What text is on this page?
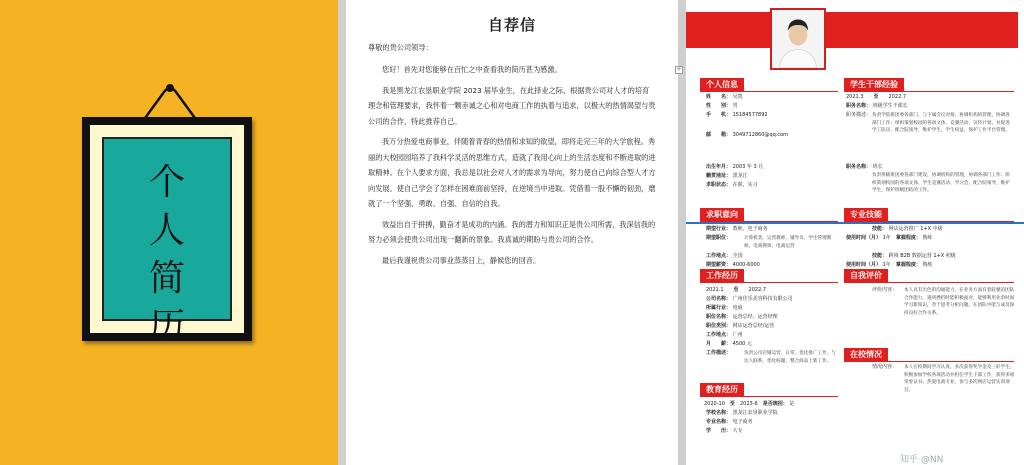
个
人
简
历
自荐信
尊敬的贵公司领导：

您好！首先对您能够在百忙之中查看我的简历甚为感激。

我是黑龙江农垦职业学院 2023 届毕业生，在此择业之际，根据贵公司对人才的培育理念和管理要求，我怀着一颗赤诚之心和对电商工作的执着与追求，以极大的热情渴望与贵公司的合作，特此推荐自己。

我万分热爱电商事业，伴随着青春的热情和求知的欲望，即将走完三年的大学旅程。秀丽的大校园园培养了我科学灵活的思维方式，造就了我用心向上的生活态度和不断进取的进取精神。在个人要求方面，我总是以社会对人才的需求为导向，努力使自己向综合型人才方向发展。使自己学会了怎样在困难面前坚持，在逆境当中进取。凭借着一股不懈的韧劲，磨就了一个坚强、勇敢、自强、自信的自我。

效益出自于拼搏，勤奋才是成功的内涵。我的潜力和知识正是贵公司所需，我深信我的努力必须会使贵公司出现一翻新的景象。我真诚的期盼与贵公司的合作。

最后我谨祝贵公司事业蒸蒸日上，静候您的回音。

+
个人信息
姓　　名： 吴凯
性　　别： 男
手　　机： 15184577892
邮　　箱： 3049712860@qq.com
出生年月： 2003 年 3 月
籍贯地址： 黑龙江
求职状态： 在职，实习
学生干部经验
2021.3　　 至　　 2022.7
职务名称： 班级学生干部长
职务描述： 负责学院班团委各部门，与下属会议对接，协调机构的管理，协调各部门工作；组织策划校园的各项文体、竞赛活动、宣传计划，并促进学工队伍，配合院领导，维护学生，学生权益，保护工作平台管理。
职务名称： 班长
负责班级班团委各部门建设，协调机构的管理，协调各部门工作；组织策划校园的各项文体、学生竞赛活动、学习会，配合院领导，维护学生，保护班级团结的工作。
求职意向
期望行业： 教师，电子商务
期望职位：	计算机类、运营教师、辅导员、学生管理教师、电商教师、电商运营
工作地点： 全国
期望薪资： 4000-6000
专业技能
技能： 网店运营推广 1+X 中级
使用时间（月） 1年　 掌握程度： 熟练
技能： 跨境 B2B 数据运营 1+X 初级
使用时间（月） 1年　 掌握程度： 熟练
工作经历
2021.1　　 至　　 2022.7
公司名称： 广州佳乐美容科技有限公司
所属行业： 电商
职位名称： 运营总经、运营经理
职位类别： 网店运营总经/运营
工作地点： 广州
月　　薪： 4500 元
工作描述：	负责公司店铺运营，日常，优化推广工作，与达人联系，优化标题，整合商品上新工作。
自我评价
评价内容： 本人具有出色的沟通能力，在业务方面有着较强的团队合作能力。遇到挫折时能积极面对，能够利用业余时间学习新知识，善于思考分析问题。在团队中能与成员保持良好合作关系。
在校情况
情况内容： 本人在校期间学习认真，多次获得奖学金及三好学生，积极参加学校各项活动并担任学生干部工作，获得多项荣誉证书。热爱电商专业，参与多次网店运营实训项目。
教育经历
2020-10　 至　 2023-6　 是否统招： 是
学校名称： 黑龙江农垦职业学院
专业名称： 电子商务
学　　历： 大专
知乎 @NN
